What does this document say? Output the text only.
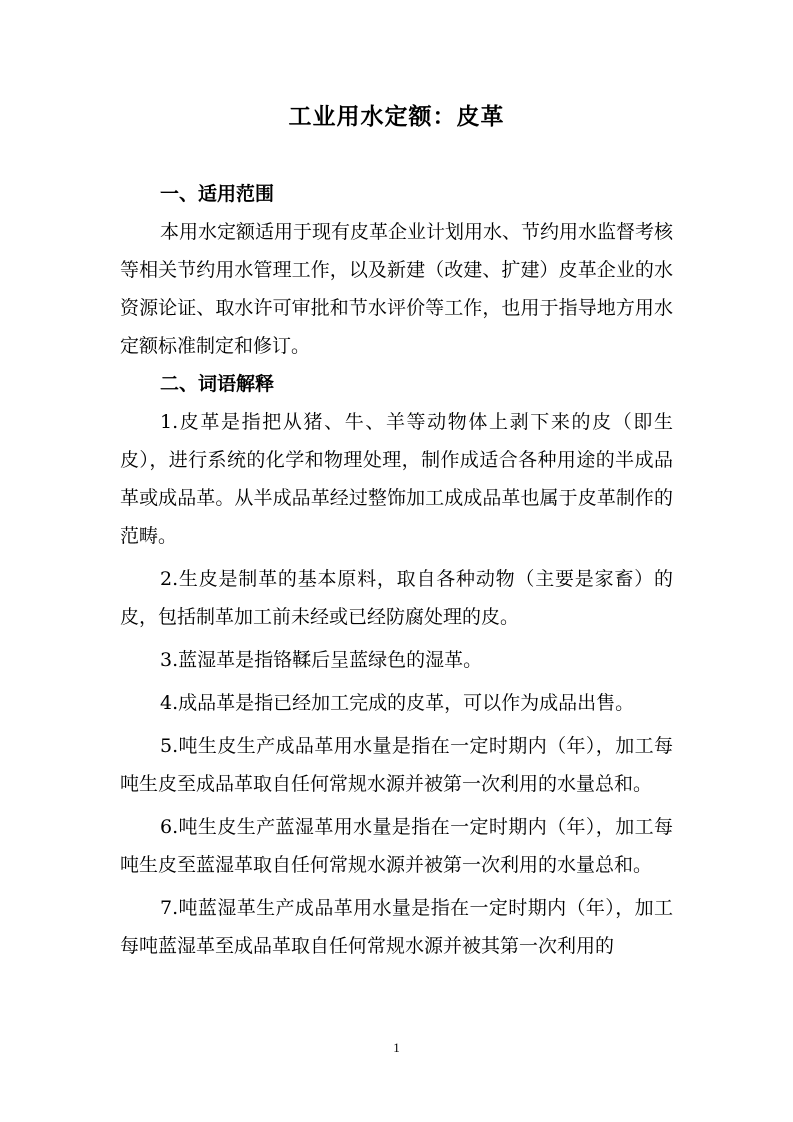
工业用水定额：皮革

一、适用范围

本用水定额适用于现有皮革企业计划用水、节约用水监督考核等相关节约用水管理工作，以及新建（改建、扩建）皮革企业的水资源论证、取水许可审批和节水评价等工作，也用于指导地方用水定额标准制定和修订。

二、词语解释

1.皮革是指把从猪、牛、羊等动物体上剥下来的皮（即生皮），进行系统的化学和物理处理，制作成适合各种用途的半成品革或成品革。从半成品革经过整饰加工成成品革也属于皮革制作的范畴。

2.生皮是制革的基本原料，取自各种动物（主要是家畜）的皮，包括制革加工前未经或已经防腐处理的皮。

3.蓝湿革是指铬鞣后呈蓝绿色的湿革。

4.成品革是指已经加工完成的皮革，可以作为成品出售。

5.吨生皮生产成品革用水量是指在一定时期内（年），加工每吨生皮至成品革取自任何常规水源并被第一次利用的水量总和。

6.吨生皮生产蓝湿革用水量是指在一定时期内（年），加工每吨生皮至蓝湿革取自任何常规水源并被第一次利用的水量总和。

7.吨蓝湿革生产成品革用水量是指在一定时期内（年），加工每吨蓝湿革至成品革取自任何常规水源并被其第一次利用的

1
